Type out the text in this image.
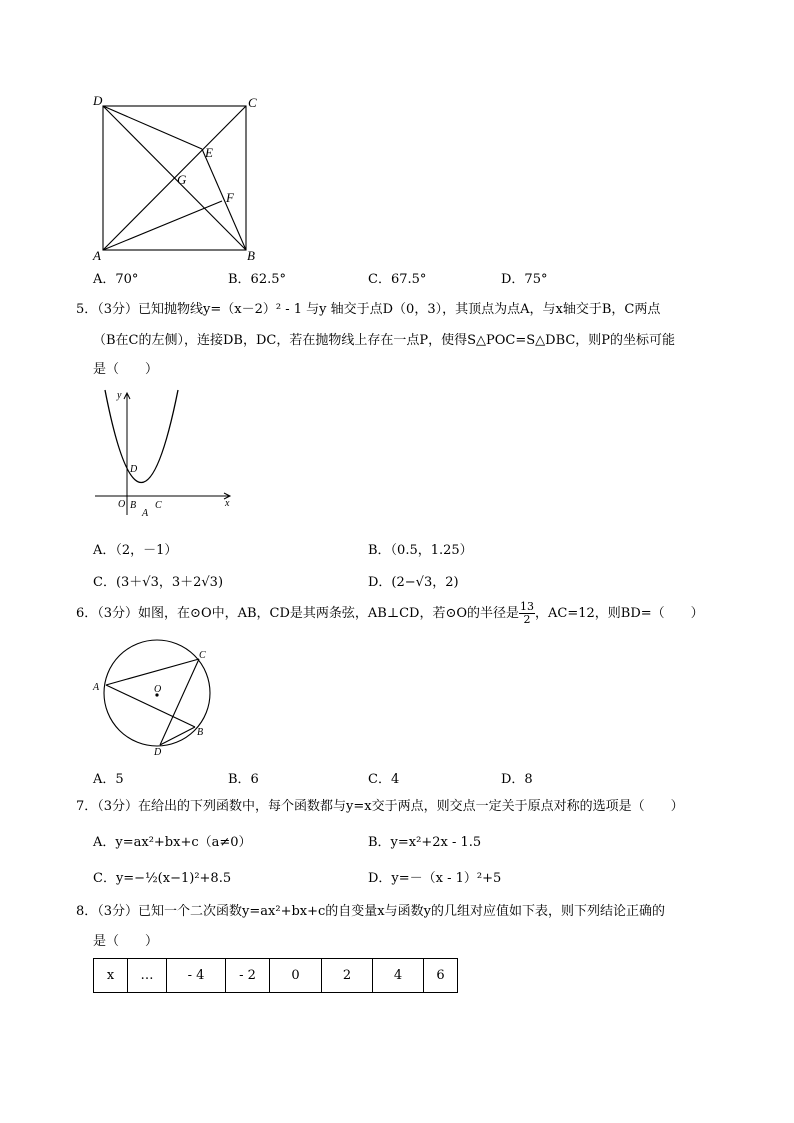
D	C
E
G
F
A	B
A．70°	B．62.5°	C．67.5°	D．75°
5．（3分）已知抛物线y=（x－2）² - 1 与y 轴交于点D（0，3），其顶点为点A，与x轴交于B，C两点
（B在C的左侧），连接DB，DC，若在抛物线上存在一点P，使得S△POC=S△DBC，则P的坐标可能
是（　　）
y
x
D
O B
A
C
A．（2，－1）	B．（0.5，1.25）
C．(3＋√3，3＋2√3)	D．(2−√3，2)
6．（3分）如图，在⊙O中，AB，CD是其两条弦，AB⊥CD，若⊙O的半径是 $\frac{13}{2}$ ，AC=12，则BD=（　　）
A
C
O
B
D
A．5	B．6	C．4	D．8
7．（3分）在给出的下列函数中，每个函数都与y=x交于两点，则交点一定关于原点对称的选项是（　　）
A．y=ax²+bx+c（a≠0）	B．y=x²+2x - 1.5
C．y=−½(x−1)²+8.5	D．y=－（x - 1）²+5
8．（3分）已知一个二次函数y=ax²+bx+c的自变量x与函数y的几组对应值如下表，则下列结论正确的
是（　　）
x	…	- 4	- 2	0	2	4	6
